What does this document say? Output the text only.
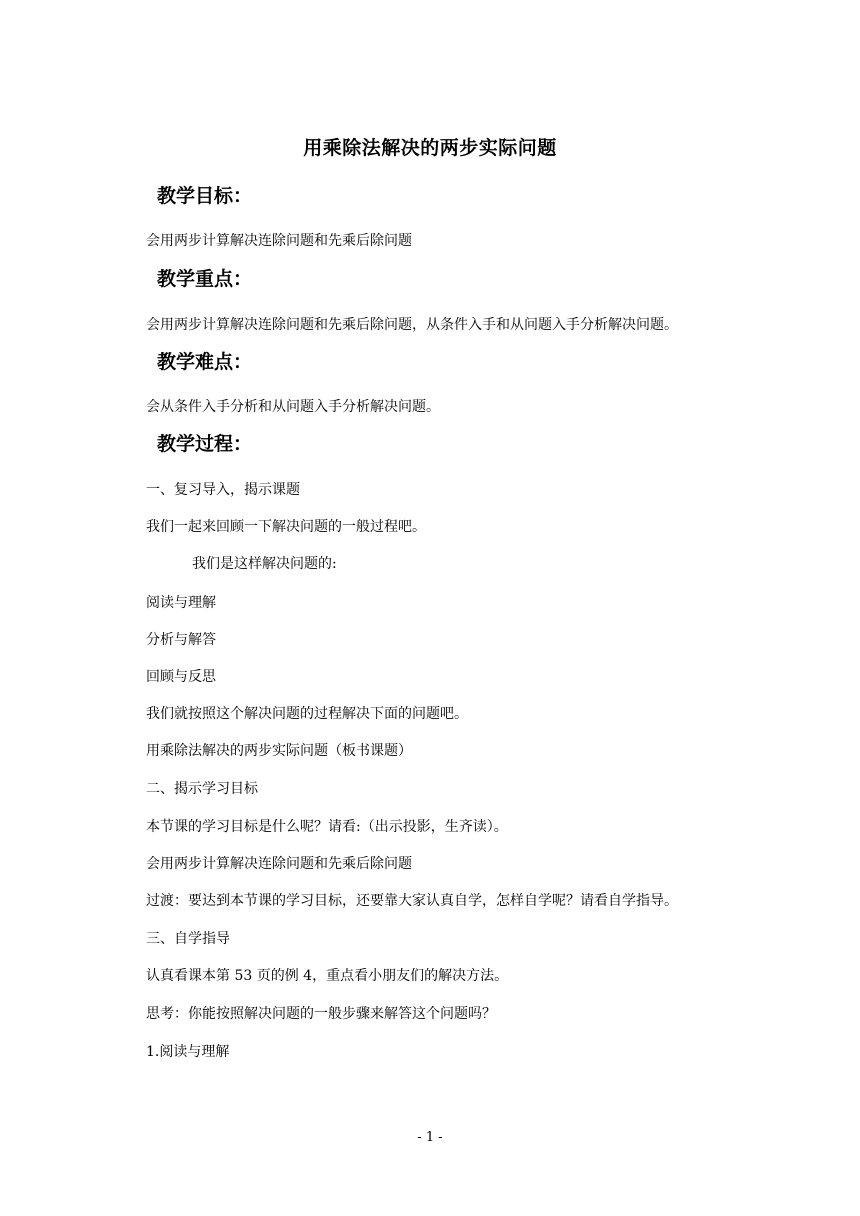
用乘除法解决的两步实际问题
教学目标：
会用两步计算解决连除问题和先乘后除问题
教学重点：
会用两步计算解决连除问题和先乘后除问题，从条件入手和从问题入手分析解决问题。
教学难点：
会从条件入手分析和从问题入手分析解决问题。
教学过程：
一、复习导入，揭示课题
我们一起来回顾一下解决问题的一般过程吧。
我们是这样解决问题的:
阅读与理解
分析与解答
回顾与反思
我们就按照这个解决问题的过程解决下面的问题吧。
用乘除法解决的两步实际问题（板书课题）
二、揭示学习目标
本节课的学习目标是什么呢？请看:（出示投影，生齐读）。
会用两步计算解决连除问题和先乘后除问题
过渡：要达到本节课的学习目标，还要靠大家认真自学，怎样自学呢？请看自学指导。
三、自学指导
认真看课本第 53 页的例 4，重点看小朋友们的解决方法。
思考：你能按照解决问题的一般步骤来解答这个问题吗？
1.阅读与理解
- 1 -
